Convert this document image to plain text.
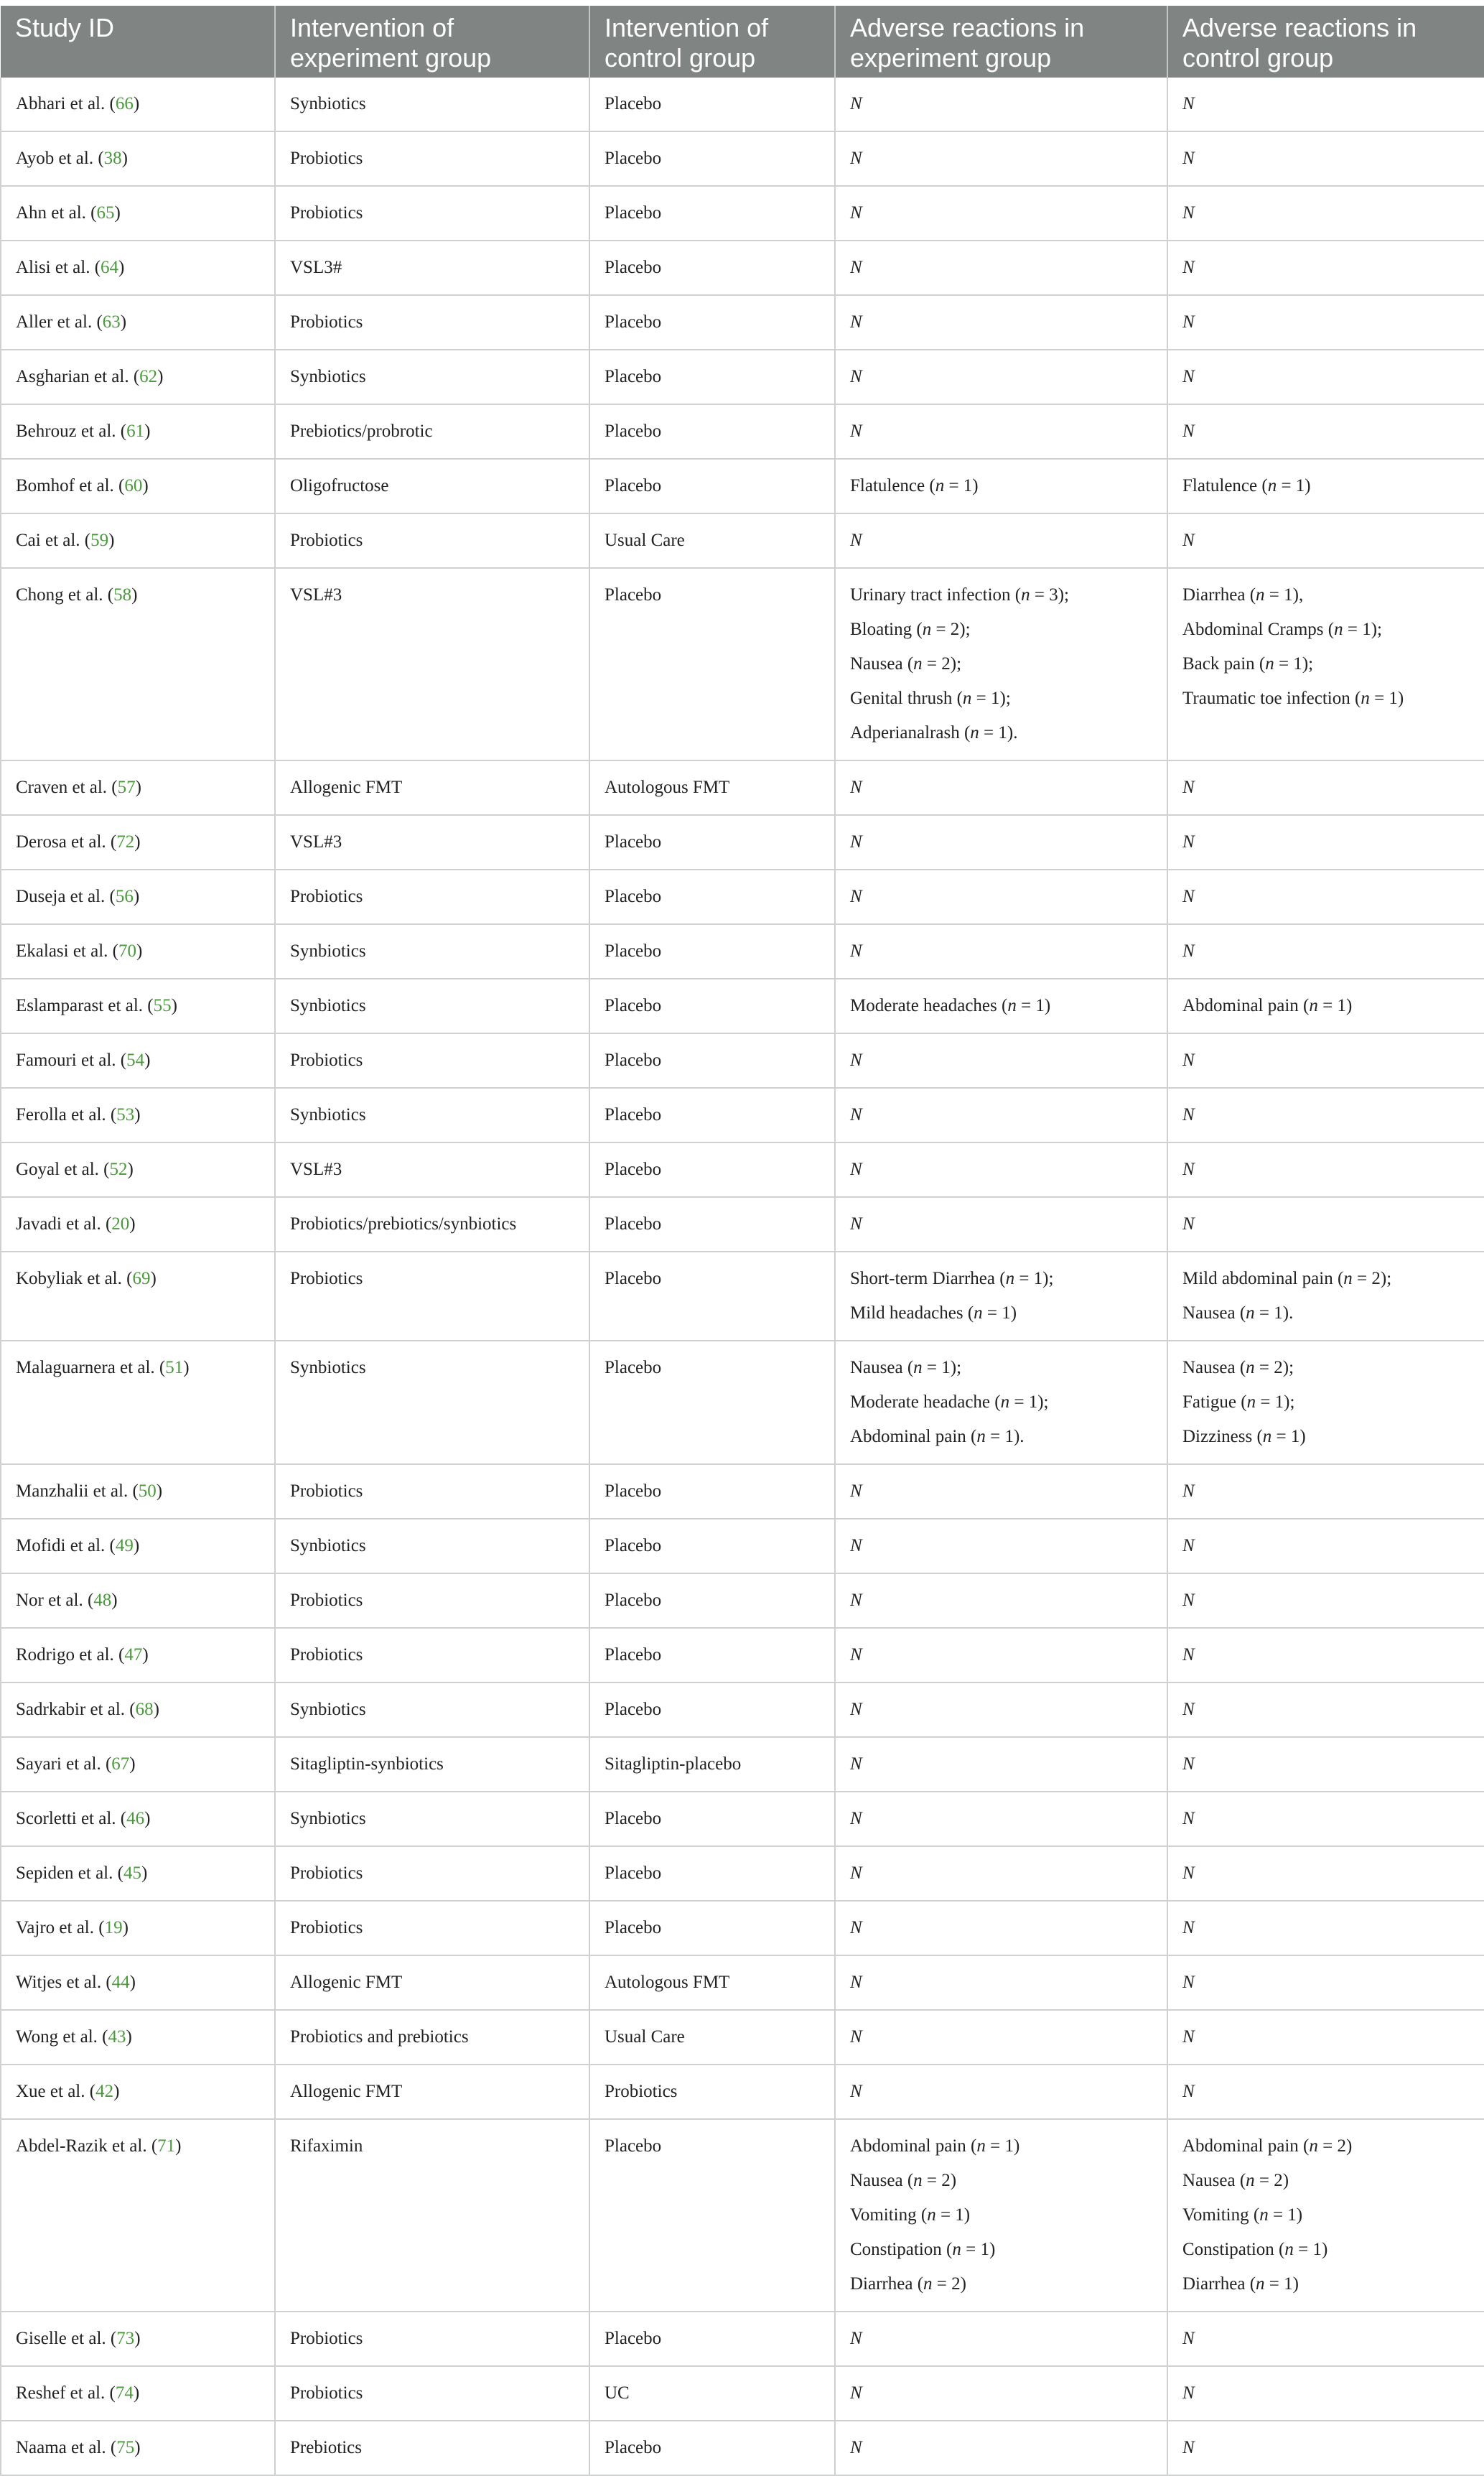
Study ID	Intervention of experiment group	Intervention of control group	Adverse reactions in experiment group	Adverse reactions in control group
Abhari et al. (66)	Synbiotics	Placebo	N	N

Ayob et al. (38)	Probiotics	Placebo	N	N

Ahn et al. (65)	Probiotics	Placebo	N	N

Alisi et al. (64)	VSL3#	Placebo	N	N

Aller et al. (63)	Probiotics	Placebo	N	N

Asgharian et al. (62)	Synbiotics	Placebo	N	N

Behrouz et al. (61)	Prebiotics/probrotic	Placebo	N	N

Bomhof et al. (60)	Oligofructose	Placebo	Flatulence (n = 1)	Flatulence (n = 1)

Cai et al. (59)	Probiotics	Usual Care	N	N

Chong et al. (58)	VSL#3	Placebo	Urinary tract infection (n = 3);
Bloating (n = 2);
Nausea (n = 2);
Genital thrush (n = 1);
Adperianalrash (n = 1).	Diarrhea (n = 1),
Abdominal Cramps (n = 1);
Back pain (n = 1);
Traumatic toe infection (n = 1)

Craven et al. (57)	Allogenic FMT	Autologous FMT	N	N

Derosa et al. (72)	VSL#3	Placebo	N	N

Duseja et al. (56)	Probiotics	Placebo	N	N

Ekalasi et al. (70)	Synbiotics	Placebo	N	N

Eslamparast et al. (55)	Synbiotics	Placebo	Moderate headaches (n = 1)	Abdominal pain (n = 1)

Famouri et al. (54)	Probiotics	Placebo	N	N

Ferolla et al. (53)	Synbiotics	Placebo	N	N

Goyal et al. (52)	VSL#3	Placebo	N	N

Javadi et al. (20)	Probiotics/prebiotics/synbiotics	Placebo	N	N

Kobyliak et al. (69)	Probiotics	Placebo	Short-term Diarrhea (n = 1);
Mild headaches (n = 1)	Mild abdominal pain (n = 2);
Nausea (n = 1).

Malaguarnera et al. (51)	Synbiotics	Placebo	Nausea (n = 1);
Moderate headache (n = 1);
Abdominal pain (n = 1).	Nausea (n = 2);
Fatigue (n = 1);
Dizziness (n = 1)

Manzhalii et al. (50)	Probiotics	Placebo	N	N

Mofidi et al. (49)	Synbiotics	Placebo	N	N

Nor et al. (48)	Probiotics	Placebo	N	N

Rodrigo et al. (47)	Probiotics	Placebo	N	N

Sadrkabir et al. (68)	Synbiotics	Placebo	N	N

Sayari et al. (67)	Sitagliptin-synbiotics	Sitagliptin-placebo	N	N

Scorletti et al. (46)	Synbiotics	Placebo	N	N

Sepiden et al. (45)	Probiotics	Placebo	N	N

Vajro et al. (19)	Probiotics	Placebo	N	N

Witjes et al. (44)	Allogenic FMT	Autologous FMT	N	N

Wong et al. (43)	Probiotics and prebiotics	Usual Care	N	N

Xue et al. (42)	Allogenic FMT	Probiotics	N	N

Abdel-Razik et al. (71)	Rifaximin	Placebo	Abdominal pain (n = 1)
Nausea (n = 2)
Vomiting (n = 1)
Constipation (n = 1)
Diarrhea (n = 2)	Abdominal pain (n = 2)
Nausea (n = 2)
Vomiting (n = 1)
Constipation (n = 1)
Diarrhea (n = 1)

Giselle et al. (73)	Probiotics	Placebo	N	N

Reshef et al. (74)	Probiotics	UC	N	N

Naama et al. (75)	Prebiotics	Placebo	N	N
